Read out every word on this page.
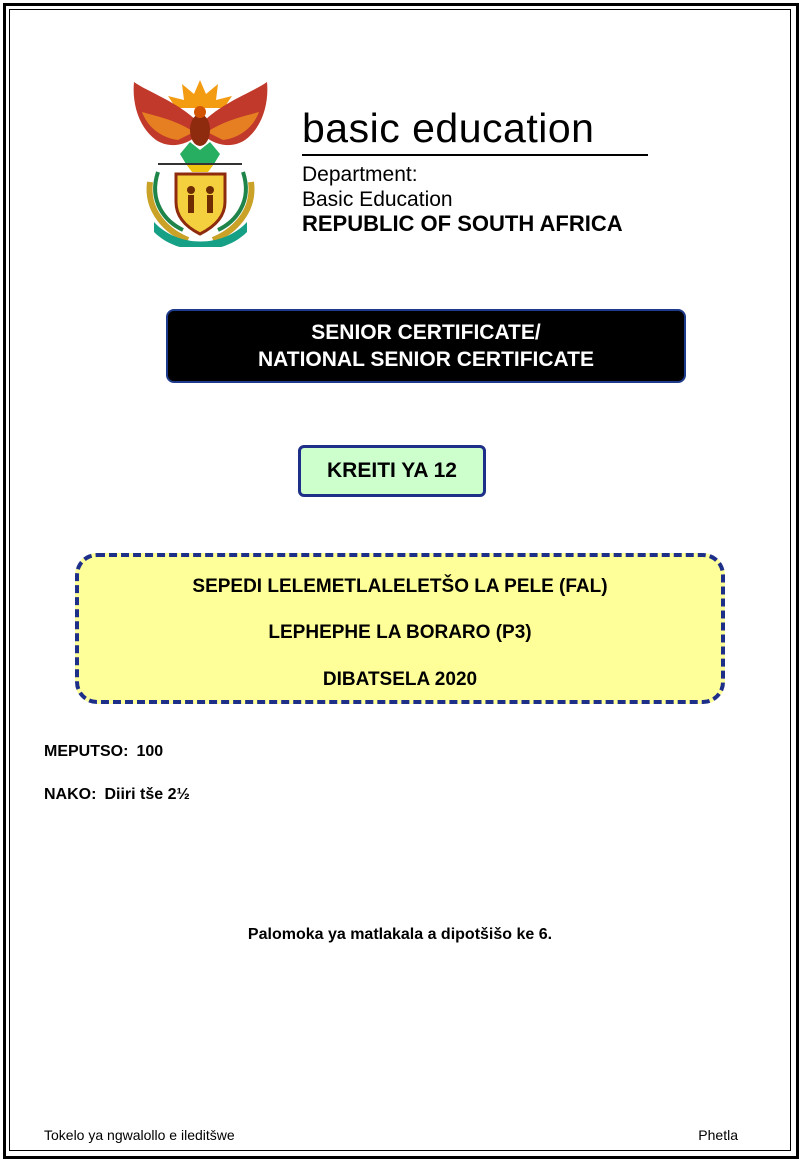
basic education
Department:
Basic Education
REPUBLIC OF SOUTH AFRICA
SENIOR CERTIFICATE/
NATIONAL SENIOR CERTIFICATE
KREITI YA 12
SEPEDI LELEMETLALELETŠO LA PELE (FAL)
LEPHEPHE LA BORARO (P3)
DIBATSELA 2020
MEPUTSO: 100
NAKO: Diiri tše 2½
Palomoka ya matlakala a dipotšišo ke 6.
Tokelo ya ngwalollo e ileditšwe	Phetla
